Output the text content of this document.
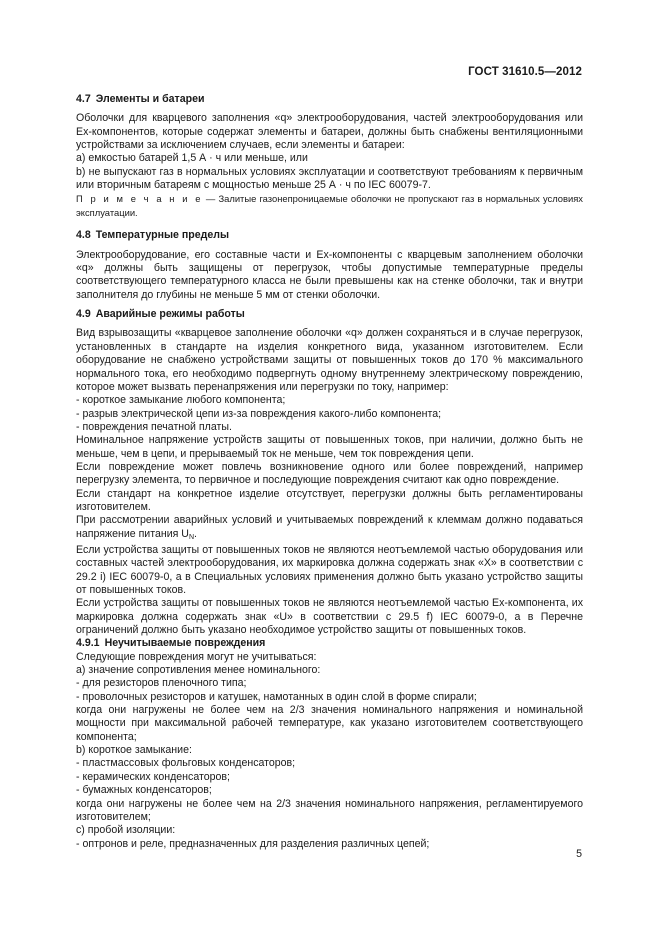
ГОСТ 31610.5—2012

4.7 Элементы и батареи

Оболочки для кварцевого заполнения «q» электрооборудования, частей электрооборудования или Ex-компонентов, которые содержат элементы и батареи, должны быть снабжены вентиляционными устройствами за исключением случаев, если элементы и батареи:

а) емкостью батарей 1,5 А · ч или меньше, или

b) не выпускают газ в нормальных условиях эксплуатации и соответствуют требованиям к первичным или вторичным батареям с мощностью меньше 25 А · ч по IEC 60079-7.

П р и м е ч а н и е — Залитые газонепроницаемые оболочки не пропускают газ в нормальных условиях эксплуатации.

4.8 Температурные пределы

Электрооборудование, его составные части и Ex-компоненты с кварцевым заполнением оболочки «q» должны быть защищены от перегрузок, чтобы допустимые температурные пределы соответствующего температурного класса не были превышены как на стенке оболочки, так и внутри заполнителя до глубины не меньше 5 мм от стенки оболочки.

4.9 Аварийные режимы работы

Вид взрывозащиты «кварцевое заполнение оболочки «q» должен сохраняться и в случае перегрузок, установленных в стандарте на изделия конкретного вида, указанном изготовителем. Если оборудование не снабжено устройствами защиты от повышенных токов до 170 % максимального нормального тока, его необходимо подвергнуть одному внутреннему электрическому повреждению, которое может вызвать перенапряжения или перегрузки по току, например:

- короткое замыкание любого компонента;

- разрыв электрической цепи из-за повреждения какого-либо компонента;

- повреждения печатной платы.

Номинальное напряжение устройств защиты от повышенных токов, при наличии, должно быть не меньше, чем в цепи, и прерываемый ток не меньше, чем ток повреждения цепи.

Если повреждение может повлечь возникновение одного или более повреждений, например перегрузку элемента, то первичное и последующие повреждения считают как одно повреждение.

Если стандарт на конкретное изделие отсутствует, перегрузки должны быть регламентированы изготовителем.

При рассмотрении аварийных условий и учитываемых повреждений к клеммам должно подаваться напряжение питания $U_N$.

Если устройства защиты от повышенных токов не являются неотъемлемой частью оборудования или составных частей электрооборудования, их маркировка должна содержать знак «X» в соответствии с 29.2 i) IEC 60079-0, а в Специальных условиях применения должно быть указано устройство защиты от повышенных токов.

Если устройства защиты от повышенных токов не являются неотъемлемой частью Ex-компонента, их маркировка должна содержать знак «U» в соответствии с 29.5 f) IEC 60079-0, а в Перечне ограничений должно быть указано необходимое устройство защиты от повышенных токов.

4.9.1 Неучитываемые повреждения

Следующие повреждения могут не учитываться:

а) значение сопротивления менее номинального:

- для резисторов пленочного типа;

- проволочных резисторов и катушек, намотанных в один слой в форме спирали;

когда они нагружены не более чем на 2/3 значения номинального напряжения и номинальной мощности при максимальной рабочей температуре, как указано изготовителем соответствующего компонента;

b) короткое замыкание:

- пластмассовых фольговых конденсаторов;

- керамических конденсаторов;

- бумажных конденсаторов;

когда они нагружены не более чем на 2/3 значения номинального напряжения, регламентируемого изготовителем;

c) пробой изоляции:

- оптронов и реле, предназначенных для разделения различных цепей;

5
